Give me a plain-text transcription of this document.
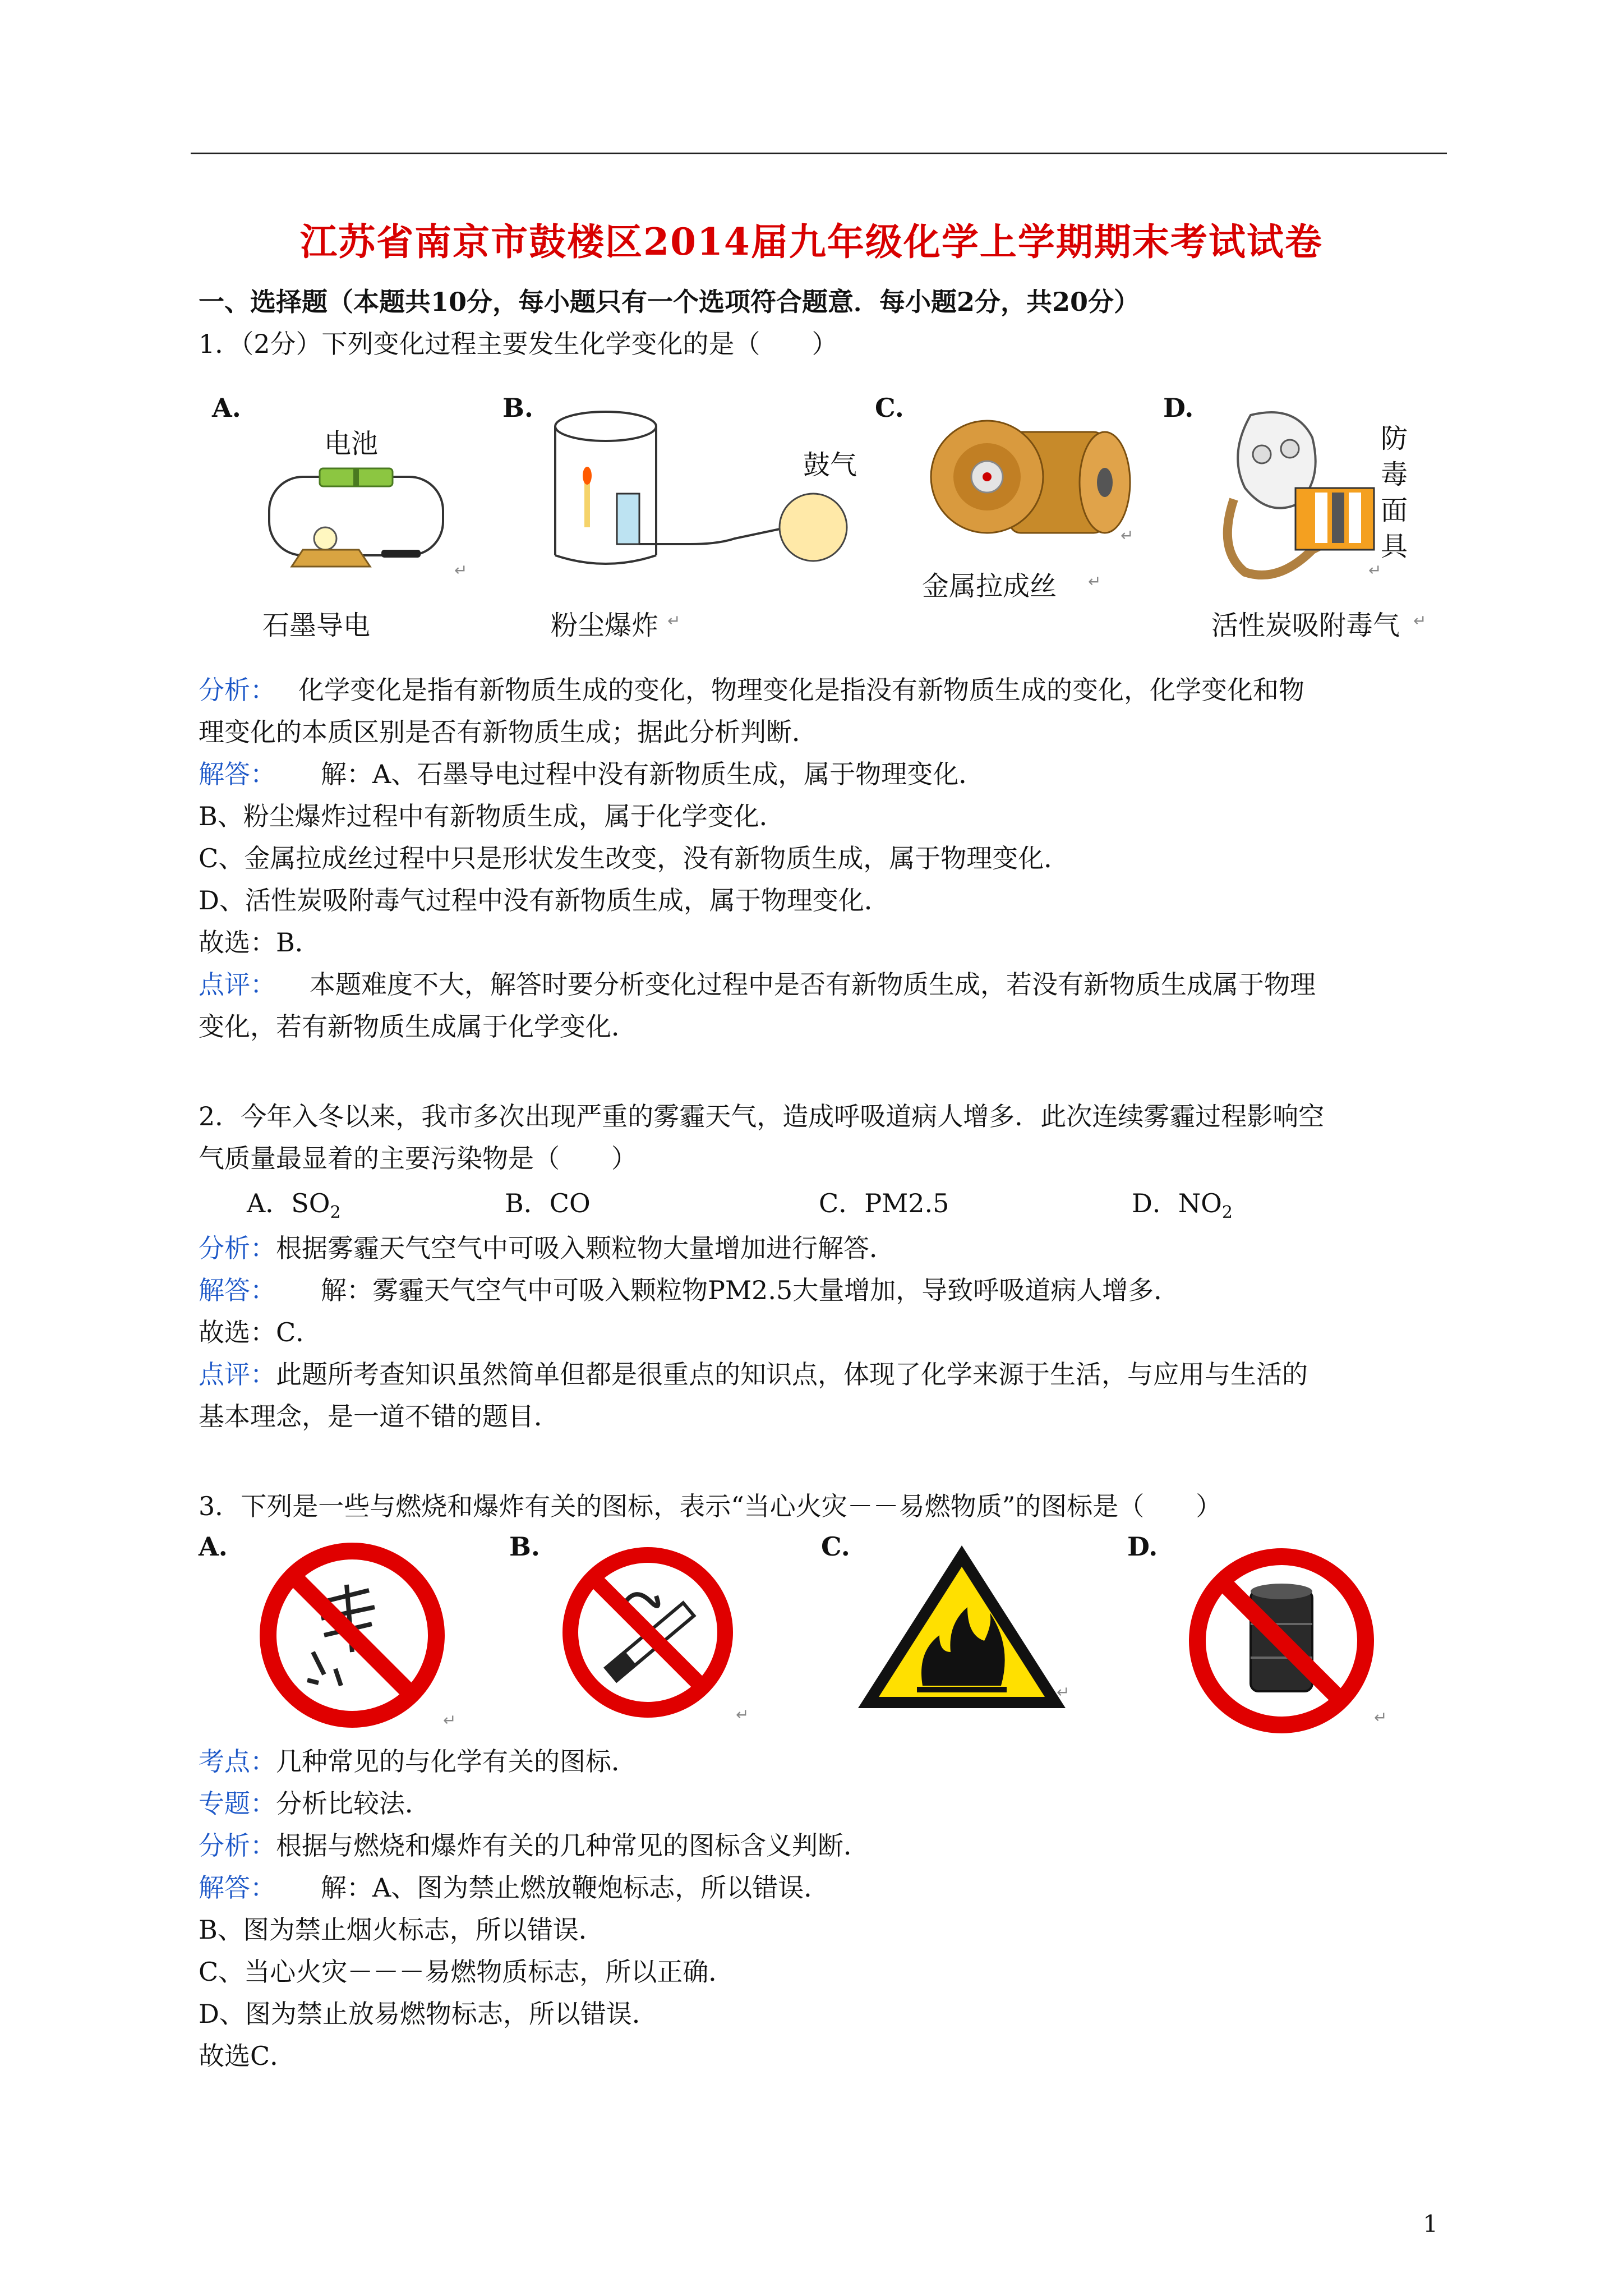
江苏省南京市鼓楼区2014届九年级化学上学期期末考试试卷
一、选择题（本题共10分，每小题只有一个选项符合题意．每小题2分，共20分）
1．（2分）下列变化过程主要发生化学变化的是（　　）
A.	B.	C.	D.
电池
石墨导电
↵
鼓气
粉尘爆炸 ↵
金属拉成丝
↵
↵
防毒面具
活性炭吸附毒气 ↵
↵
分析： 化学变化是指有新物质生成的变化，物理变化是指没有新物质生成的变化，化学变化和物
理变化的本质区别是否有新物质生成；据此分析判断．
解答： 解：A、石墨导电过程中没有新物质生成，属于物理变化．
B、粉尘爆炸过程中有新物质生成，属于化学变化．
C、金属拉成丝过程中只是形状发生改变，没有新物质生成，属于物理变化．
D、活性炭吸附毒气过程中没有新物质生成，属于物理变化．
故选：B．
点评： 本题难度不大，解答时要分析变化过程中是否有新物质生成，若没有新物质生成属于物理
变化，若有新物质生成属于化学变化．
2．今年入冬以来，我市多次出现严重的雾霾天气，造成呼吸道病人增多．此次连续雾霾过程影响空
气质量最显着的主要污染物是（　　）
A．$SO_2$	B．CO	C．PM2.5	D．$NO_2$
分析：根据雾霾天气空气中可吸入颗粒物大量增加进行解答．
解答： 解：雾霾天气空气中可吸入颗粒物PM2.5大量增加，导致呼吸道病人增多．
故选：C．
点评：此题所考查知识虽然简单但都是很重点的知识点，体现了化学来源于生活，与应用与生活的
基本理念，是一道不错的题目．
3．下列是一些与燃烧和爆炸有关的图标，表示“当心火灾－－易燃物质”的图标是（　　）
A.	B.	C.	D.
↵	↵
↵
↵
考点：几种常见的与化学有关的图标．
专题：分析比较法．
分析：根据与燃烧和爆炸有关的几种常见的图标含义判断．
解答： 解：A、图为禁止燃放鞭炮标志，所以错误．
B、图为禁止烟火标志，所以错误．
C、当心火灾－－－易燃物质标志，所以正确．
D、图为禁止放易燃物标志，所以错误．
故选C．
1
